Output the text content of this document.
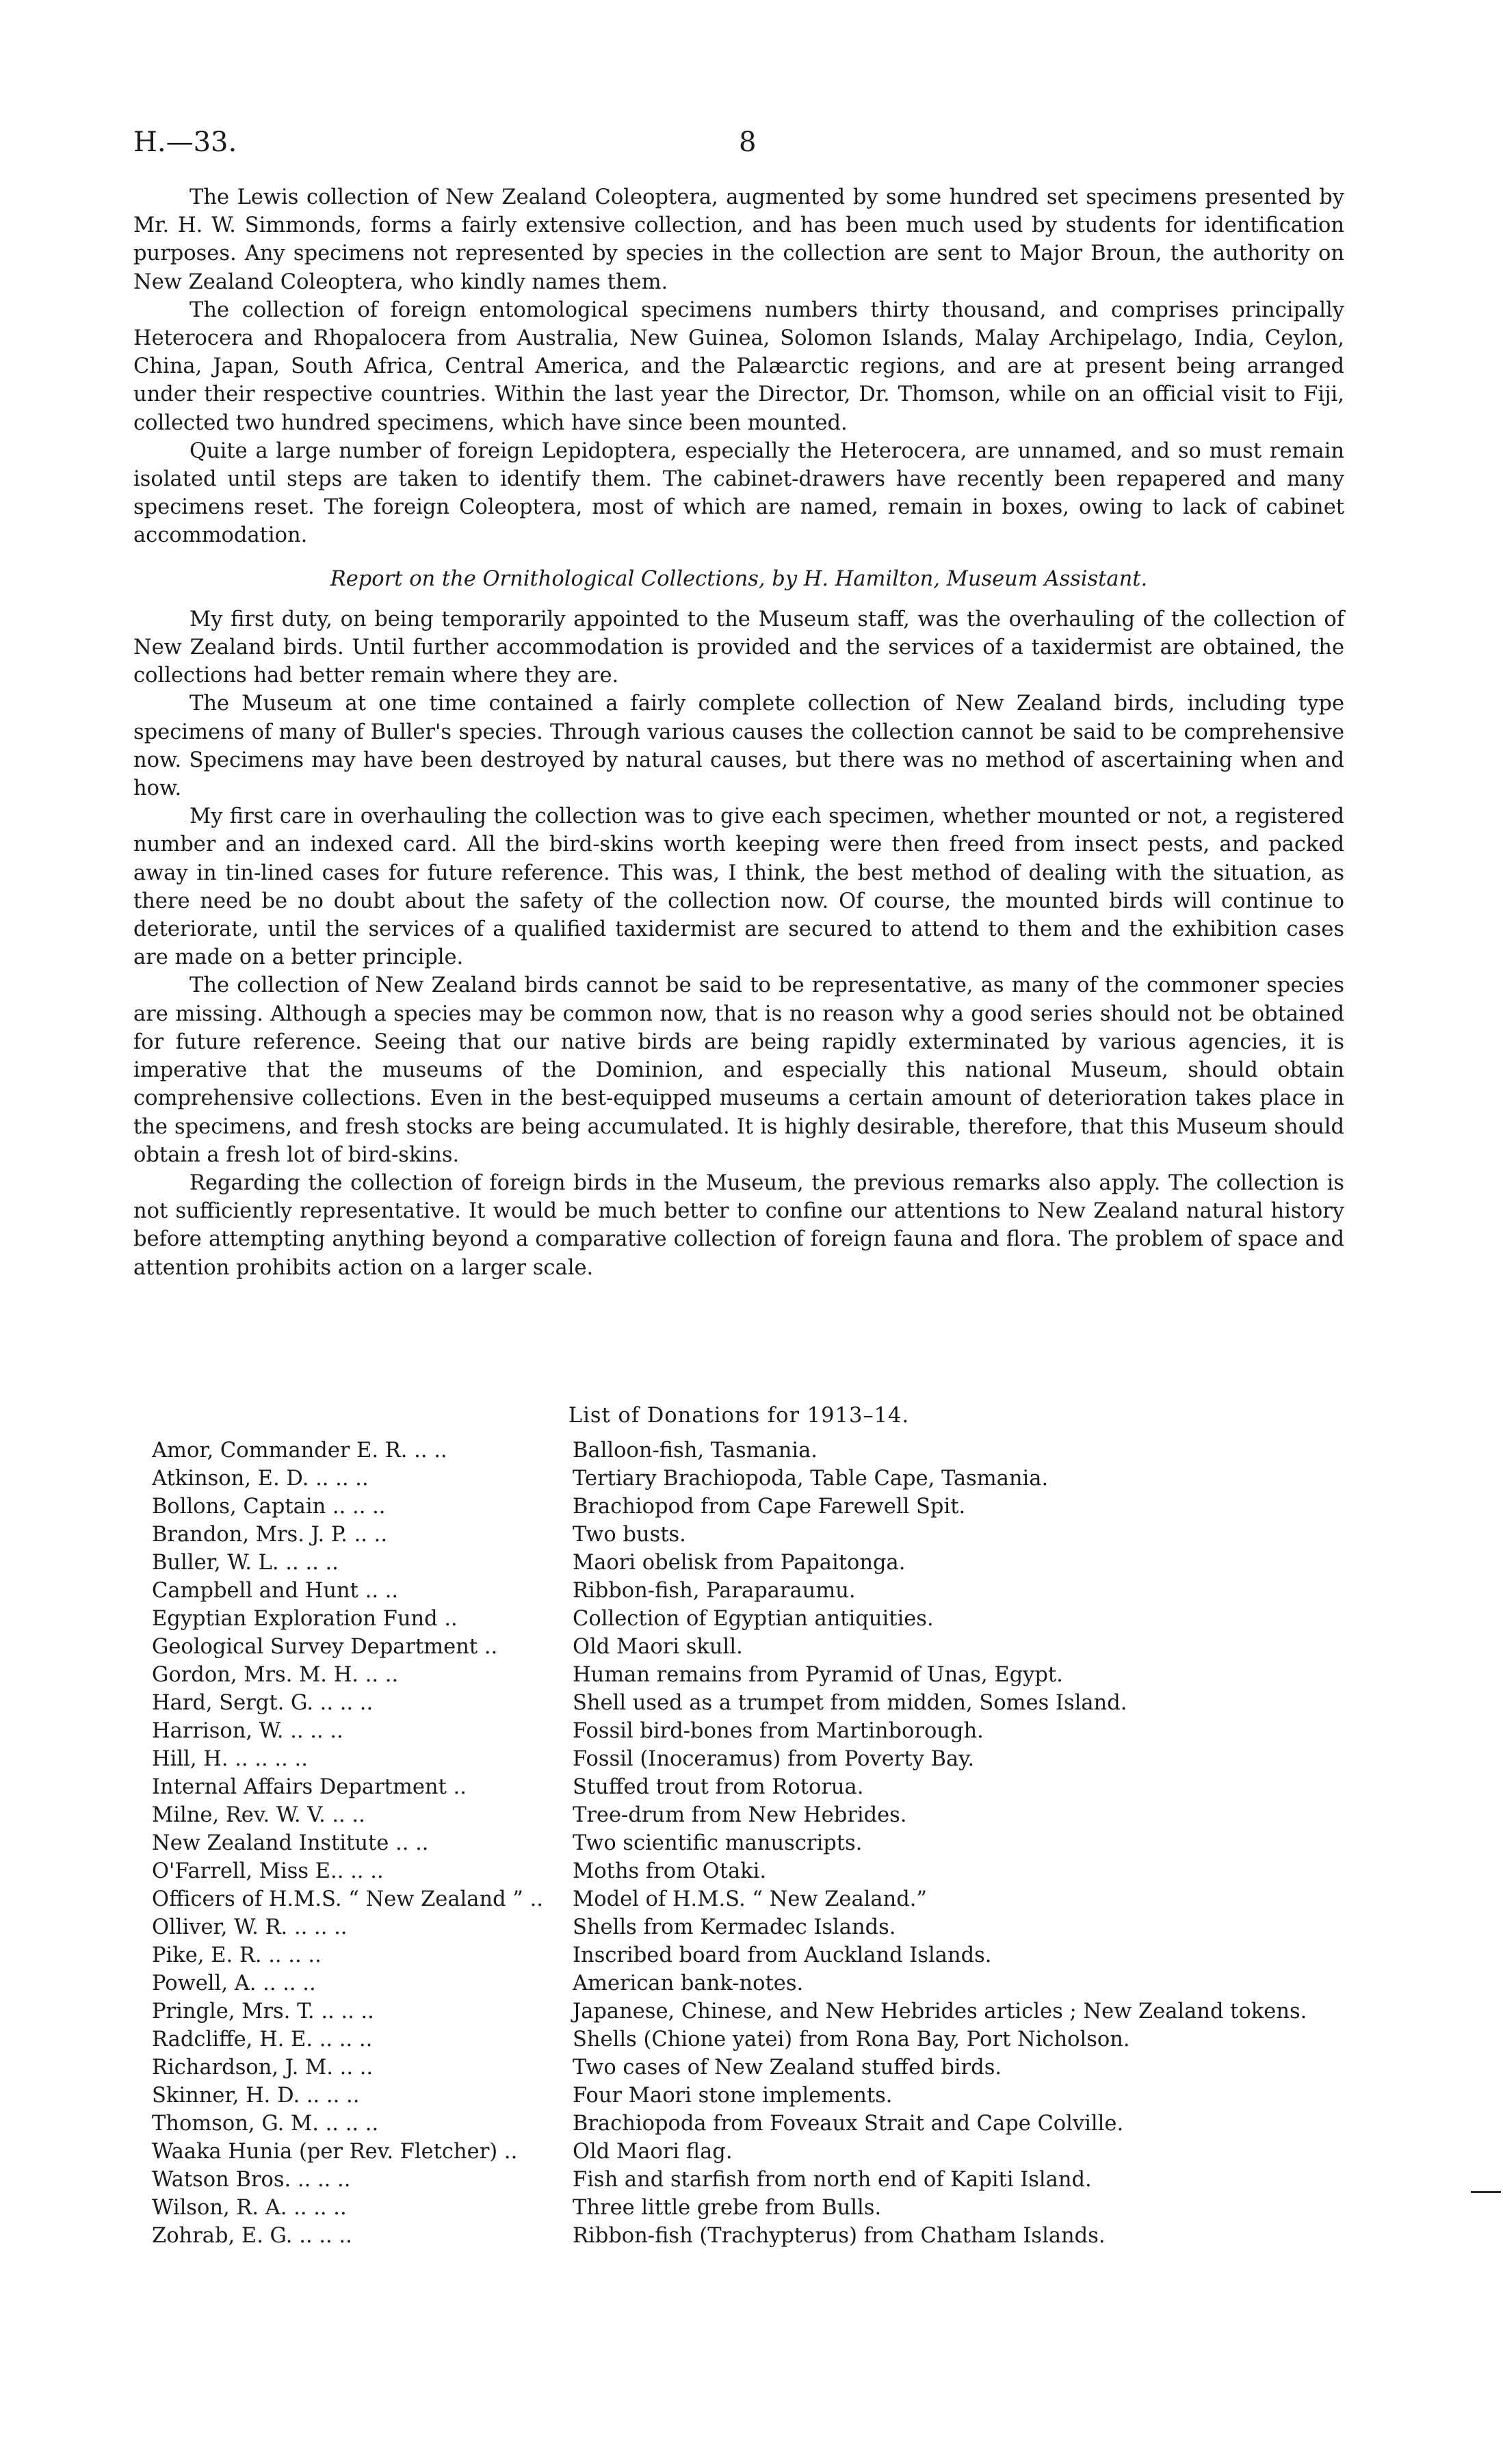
H.—33.	8

The Lewis collection of New Zealand Coleoptera, augmented by some hundred set specimens presented by Mr. H. W. Simmonds, forms a fairly extensive collection, and has been much used by students for identification purposes. Any specimens not represented by species in the collection are sent to Major Broun, the authority on New Zealand Coleoptera, who kindly names them.

The collection of foreign entomological specimens numbers thirty thousand, and comprises principally Heterocera and Rhopalocera from Australia, New Guinea, Solomon Islands, Malay Archipelago, India, Ceylon, China, Japan, South Africa, Central America, and the Palæarctic regions, and are at present being arranged under their respective countries. Within the last year the Director, Dr. Thomson, while on an official visit to Fiji, collected two hundred specimens, which have since been mounted.

Quite a large number of foreign Lepidoptera, especially the Heterocera, are unnamed, and so must remain isolated until steps are taken to identify them. The cabinet-drawers have recently been repapered and many specimens reset. The foreign Coleoptera, most of which are named, remain in boxes, owing to lack of cabinet accommodation.

Report on the Ornithological Collections, by H. Hamilton, Museum Assistant.

My first duty, on being temporarily appointed to the Museum staff, was the overhauling of the collection of New Zealand birds. Until further accommodation is provided and the services of a taxidermist are obtained, the collections had better remain where they are.

The Museum at one time contained a fairly complete collection of New Zealand birds, including type specimens of many of Buller's species. Through various causes the collection cannot be said to be comprehensive now. Specimens may have been destroyed by natural causes, but there was no method of ascertaining when and how.

My first care in overhauling the collection was to give each specimen, whether mounted or not, a registered number and an indexed card. All the bird-skins worth keeping were then freed from insect pests, and packed away in tin-lined cases for future reference. This was, I think, the best method of dealing with the situation, as there need be no doubt about the safety of the collection now. Of course, the mounted birds will continue to deteriorate, until the services of a qualified taxidermist are secured to attend to them and the exhibition cases are made on a better principle.

The collection of New Zealand birds cannot be said to be representative, as many of the commoner species are missing. Although a species may be common now, that is no reason why a good series should not be obtained for future reference. Seeing that our native birds are being rapidly exterminated by various agencies, it is imperative that the museums of the Dominion, and especially this national Museum, should obtain comprehensive collections. Even in the best-equipped museums a certain amount of deterioration takes place in the specimens, and fresh stocks are being accumulated. It is highly desirable, therefore, that this Museum should obtain a fresh lot of bird-skins.

Regarding the collection of foreign birds in the Museum, the previous remarks also apply. The collection is not sufficiently representative. It would be much better to confine our attentions to New Zealand natural history before attempting anything beyond a comparative collection of foreign fauna and flora. The problem of space and attention prohibits action on a larger scale.

List of Donations for 1913–14.
Amor, Commander E. R. .. ..	Balloon-fish, Tasmania.
Atkinson, E. D. .. .. ..	Tertiary Brachiopoda, Table Cape, Tasmania.
Bollons, Captain .. .. ..	Brachiopod from Cape Farewell Spit.
Brandon, Mrs. J. P. .. ..	Two busts.
Buller, W. L. .. .. ..	Maori obelisk from Papaitonga.
Campbell and Hunt .. ..	Ribbon-fish, Paraparaumu.
Egyptian Exploration Fund ..	Collection of Egyptian antiquities.
Geological Survey Department ..	Old Maori skull.
Gordon, Mrs. M. H. .. ..	Human remains from Pyramid of Unas, Egypt.
Hard, Sergt. G. .. .. ..	Shell used as a trumpet from midden, Somes Island.
Harrison, W. .. .. ..	Fossil bird-bones from Martinborough.
Hill, H. .. .. .. ..	Fossil (Inoceramus) from Poverty Bay.
Internal Affairs Department ..	Stuffed trout from Rotorua.
Milne, Rev. W. V. .. ..	Tree-drum from New Hebrides.
New Zealand Institute .. ..	Two scientific manuscripts.
O'Farrell, Miss E.. .. ..	Moths from Otaki.
Officers of H.M.S. “ New Zealand ” ..	Model of H.M.S. “ New Zealand.”
Olliver, W. R. .. .. ..	Shells from Kermadec Islands.
Pike, E. R. .. .. ..	Inscribed board from Auckland Islands.
Powell, A. .. .. ..	American bank-notes.
Pringle, Mrs. T. .. .. ..	Japanese, Chinese, and New Hebrides articles ; New Zealand tokens.
Radcliffe, H. E. .. .. ..	Shells (Chione yatei) from Rona Bay, Port Nicholson.
Richardson, J. M. .. ..	Two cases of New Zealand stuffed birds.
Skinner, H. D. .. .. ..	Four Maori stone implements.
Thomson, G. M. .. .. ..	Brachiopoda from Foveaux Strait and Cape Colville.
Waaka Hunia (per Rev. Fletcher) ..	Old Maori flag.
Watson Bros. .. .. ..	Fish and starfish from north end of Kapiti Island.
Wilson, R. A. .. .. ..	Three little grebe from Bulls.
Zohrab, E. G. .. .. ..	Ribbon-fish (Trachypterus) from Chatham Islands.
